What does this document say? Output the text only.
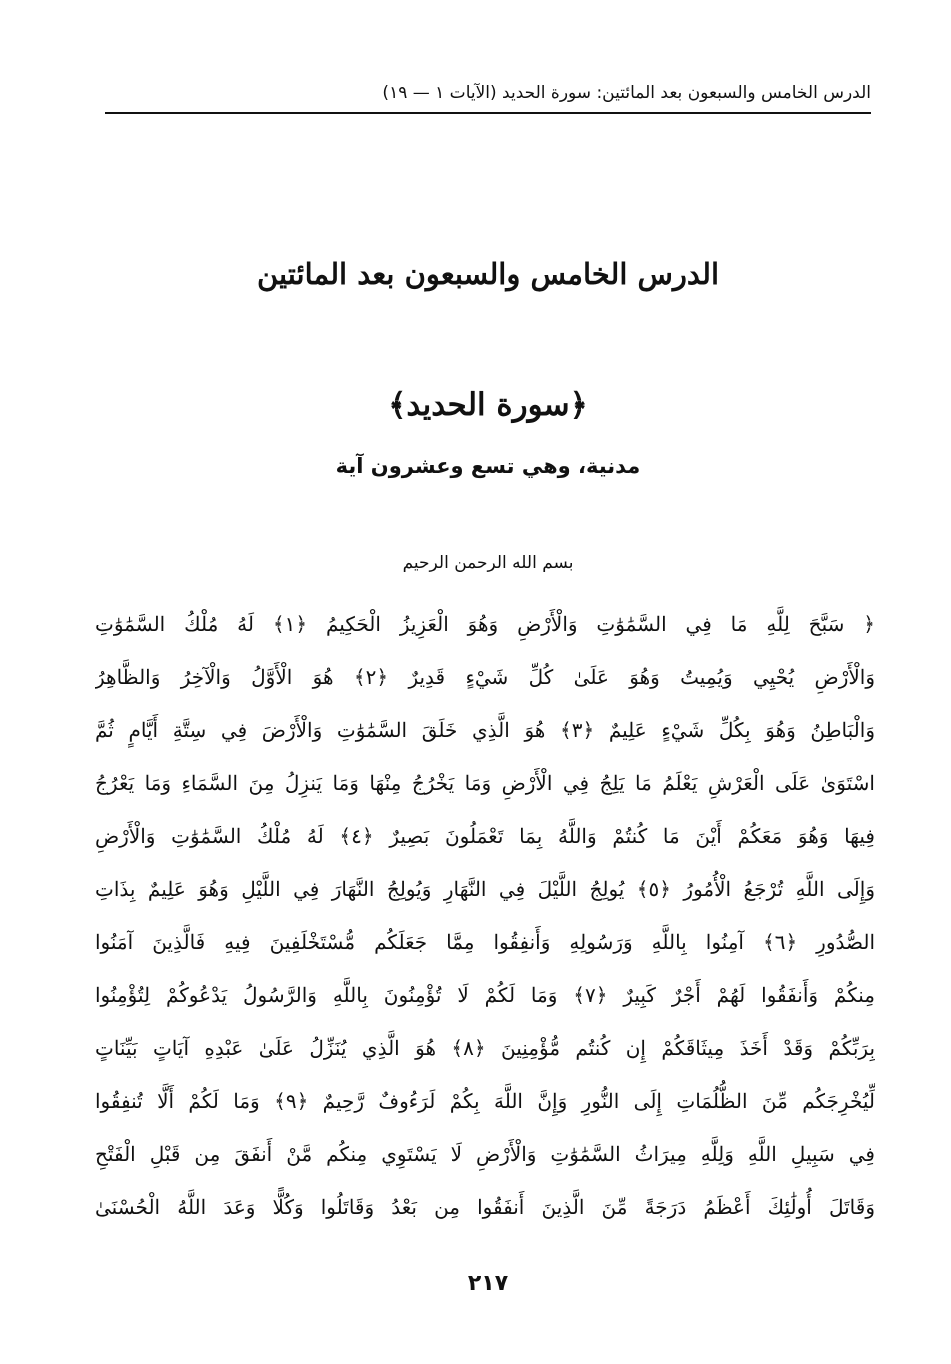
الدرس الخامس والسبعون بعد المائتين: سورة الحديد (الآيات ١ — ١٩)
الدرس الخامس والسبعون بعد المائتين
﴿سورة الحديد﴾
مدنية، وهي تسع وعشرون آية
بسم الله الرحمن الرحيم
﴿ سَبَّحَ لِلَّهِ مَا فِي السَّمَٰوَٰتِ وَالْأَرْضِ وَهُوَ الْعَزِيزُ الْحَكِيمُ ﴿١﴾ لَهُ مُلْكُ السَّمَٰوَٰتِ
وَالْأَرْضِ يُحْيِي وَيُمِيتُ وَهُوَ عَلَىٰ كُلِّ شَيْءٍ قَدِيرٌ ﴿٢﴾ هُوَ الْأَوَّلُ وَالْآخِرُ وَالظَّاهِرُ
وَالْبَاطِنُ وَهُوَ بِكُلِّ شَيْءٍ عَلِيمٌ ﴿٣﴾ هُوَ الَّذِي خَلَقَ السَّمَٰوَٰتِ وَالْأَرْضَ فِي سِتَّةِ أَيَّامٍ ثُمَّ
اسْتَوَىٰ عَلَى الْعَرْشِ يَعْلَمُ مَا يَلِجُ فِي الْأَرْضِ وَمَا يَخْرُجُ مِنْهَا وَمَا يَنزِلُ مِنَ السَّمَاءِ وَمَا يَعْرُجُ
فِيهَا وَهُوَ مَعَكُمْ أَيْنَ مَا كُنتُمْ وَاللَّهُ بِمَا تَعْمَلُونَ بَصِيرٌ ﴿٤﴾ لَهُ مُلْكُ السَّمَٰوَٰتِ وَالْأَرْضِ
وَإِلَى اللَّهِ تُرْجَعُ الْأُمُورُ ﴿٥﴾ يُولِجُ اللَّيْلَ فِي النَّهَارِ وَيُولِجُ النَّهَارَ فِي اللَّيْلِ وَهُوَ عَلِيمٌ بِذَاتِ
الصُّدُورِ ﴿٦﴾ آمِنُوا بِاللَّهِ وَرَسُولِهِ وَأَنفِقُوا مِمَّا جَعَلَكُم مُّسْتَخْلَفِينَ فِيهِ فَالَّذِينَ آمَنُوا
مِنكُمْ وَأَنفَقُوا لَهُمْ أَجْرٌ كَبِيرٌ ﴿٧﴾ وَمَا لَكُمْ لَا تُؤْمِنُونَ بِاللَّهِ وَالرَّسُولُ يَدْعُوكُمْ لِتُؤْمِنُوا
بِرَبِّكُمْ وَقَدْ أَخَذَ مِيثَاقَكُمْ إِن كُنتُم مُّؤْمِنِينَ ﴿٨﴾ هُوَ الَّذِي يُنَزِّلُ عَلَىٰ عَبْدِهِ آيَاتٍ بَيِّنَاتٍ
لِّيُخْرِجَكُم مِّنَ الظُّلُمَاتِ إِلَى النُّورِ وَإِنَّ اللَّهَ بِكُمْ لَرَءُوفٌ رَّحِيمٌ ﴿٩﴾ وَمَا لَكُمْ أَلَّا تُنفِقُوا
فِي سَبِيلِ اللَّهِ وَلِلَّهِ مِيرَاثُ السَّمَٰوَٰتِ وَالْأَرْضِ لَا يَسْتَوِي مِنكُم مَّنْ أَنفَقَ مِن قَبْلِ الْفَتْحِ
وَقَاتَلَ أُولَٰئِكَ أَعْظَمُ دَرَجَةً مِّنَ الَّذِينَ أَنفَقُوا مِن بَعْدُ وَقَاتَلُوا وَكُلًّا وَعَدَ اللَّهُ الْحُسْنَىٰ
٢١٧
